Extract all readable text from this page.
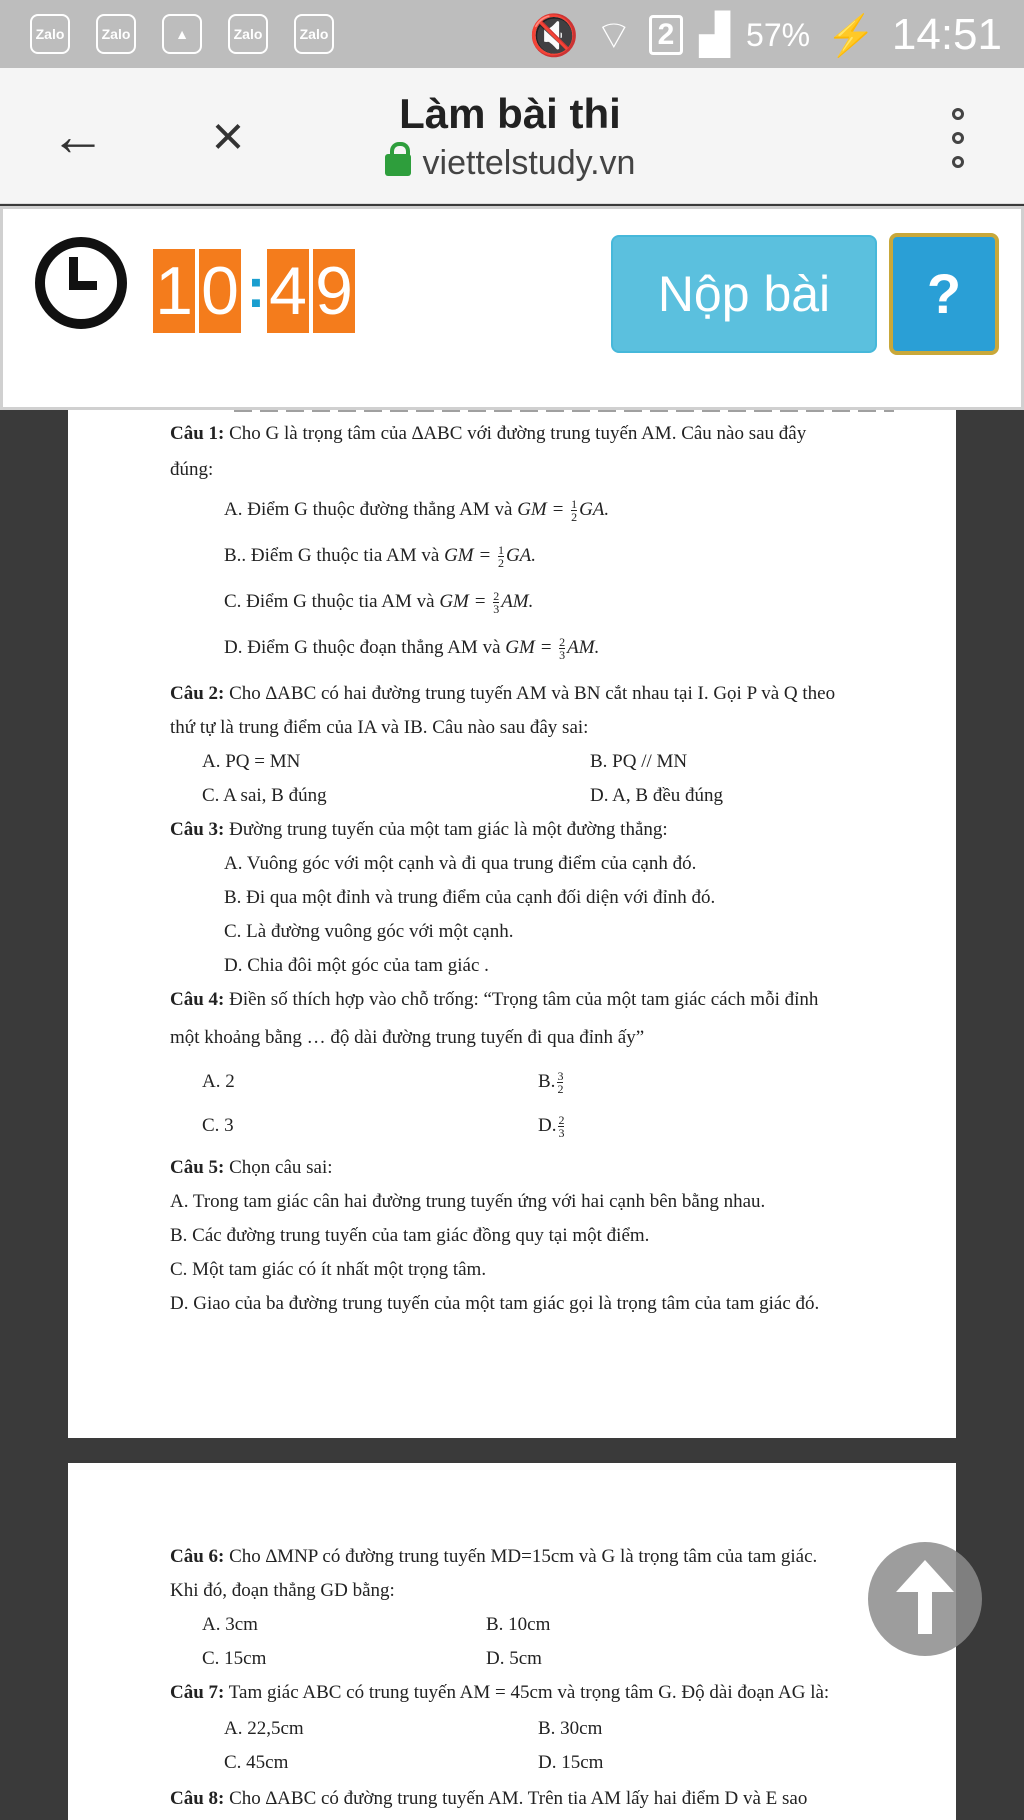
Zalo	Zalo	▲	Zalo	Zalo	🔇 ⌔ 2 ▟ 57% ⚡ 14:51
← ×	Làm bài thi
viettelstudy.vn
1 0 : 4 9	Nộp bài	?
Câu 1: Cho G là trọng tâm của ∆ABC với đường trung tuyến AM. Câu nào sau đây
đúng:
A. Điểm G thuộc đường thẳng AM và GM = $\frac{1}{2}$ GA.
B.. Điểm G thuộc tia AM và GM = $\frac{1}{2}$ GA.
C. Điểm G thuộc tia AM và GM = $\frac{2}{3}$ AM.
D. Điểm G thuộc đoạn thẳng AM và GM = $\frac{2}{3}$ AM.
Câu 2: Cho ∆ABC có hai đường trung tuyến AM và BN cắt nhau tại I. Gọi P và Q theo
thứ tự là trung điểm của IA và IB. Câu nào sau đây sai:
A. PQ = MN	B. PQ // MN
C. A sai, B đúng	D. A, B đều đúng
Câu 3: Đường trung tuyến của một tam giác là một đường thẳng:
A. Vuông góc với một cạnh và đi qua trung điểm của cạnh đó.
B. Đi qua một đỉnh và trung điểm của cạnh đối diện với đỉnh đó.
C. Là đường vuông góc với một cạnh.
D. Chia đôi một góc của tam giác .
Câu 4: Điền số thích hợp vào chỗ trống: “Trọng tâm của một tam giác cách mỗi đỉnh
một khoảng bằng … độ dài đường trung tuyến đi qua đỉnh ấy”
A. 2	B. $\frac{3}{2}$
C. 3	D. $\frac{2}{3}$
Câu 5: Chọn câu sai:
A. Trong tam giác cân hai đường trung tuyến ứng với hai cạnh bên bằng nhau.
B. Các đường trung tuyến của tam giác đồng quy tại một điểm.
C. Một tam giác có ít nhất một trọng tâm.
D. Giao của ba đường trung tuyến của một tam giác gọi là trọng tâm của tam giác đó.
Câu 6: Cho ∆MNP có đường trung tuyến MD=15cm và G là trọng tâm của tam giác.
Khi đó, đoạn thẳng GD bằng:
A. 3cm	B. 10cm
C. 15cm	D. 5cm
Câu 7: Tam giác ABC có trung tuyến AM = 45cm và trọng tâm G. Độ dài đoạn AG là:
A. 22,5cm	B. 30cm
C. 45cm	D. 15cm
Câu 8: Cho ∆ABC có đường trung tuyến AM. Trên tia AM lấy hai điểm D và E sao
